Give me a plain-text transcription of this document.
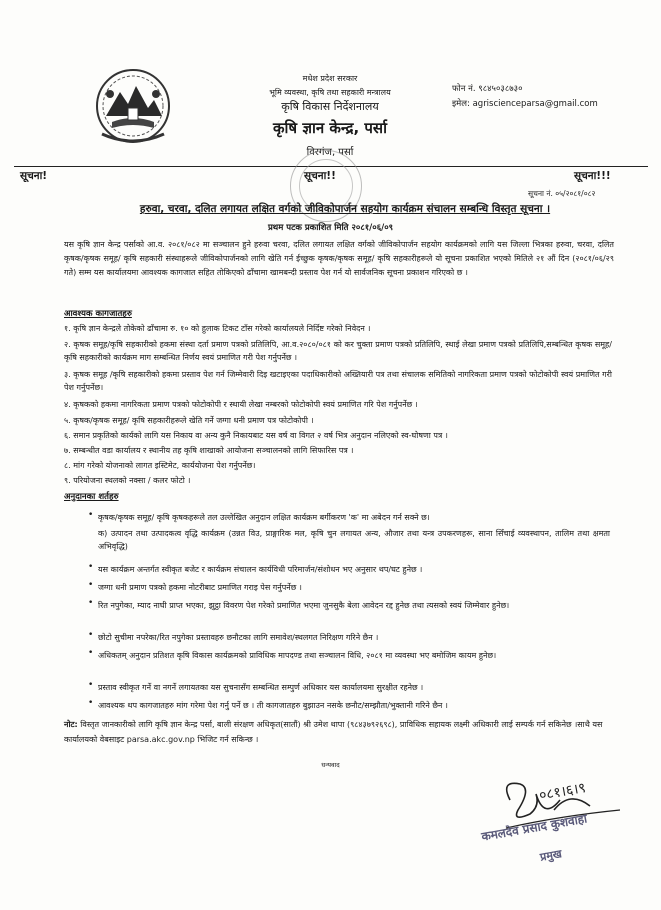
मधेश प्रदेश सरकार
भूमि व्यवस्था, कृषि तथा सहकारी मन्त्रालय
कृषि विकास निर्देशनालय
कृषि ज्ञान केन्द्र, पर्सा
विरगंज, पर्सा
फोन नं. ९८४५०३८७३०
इमेल: agriscienceparsa@gmail.com
सूचना!	सूचना!!	सूचना!!!
सूचना नं. ०५/२०८१/०८२
हरुवा, चरवा, दलित लगायत लक्षित वर्गको जीविकोपार्जन सहयोग कार्यक्रम संचालन सम्बन्धि विस्तृत सूचना ।
प्रथम पटक प्रकाशित मिति २०८१/०६/०९
यस कृषि ज्ञान केन्द्र पर्साको आ.व. २०८१/०८२ मा सञ्चालन हुने हरुवा चरवा, दलित लगायत लक्षित वर्गको जीविकोपार्जन सहयोग कार्यक्रमको लागि यस जिल्ला भित्रका हरुवा, चरवा, दलित कृषक/कृषक समूह/ कृषि सहकारी संस्थाहरूले जीविकोपार्जनको लागि खेति गर्न ईच्छुक कृषक/कृषक समूह/ कृषि सहकारीहरूले यो सूचना प्रकाशित भएको मितिले २१ औं दिन (२०८१/०६/२९ गते) सम्म यस कार्यालयमा आवश्यक कागजात सहित तोकिएको ढाँचामा खामबन्दी प्रस्ताव पेश गर्न यो सार्वजनिक सूचना प्रकाशन गरिएको छ ।
आवश्यक कागजातहरु
१. कृषि ज्ञान केन्द्रले तोकेको ढाँचामा रु. १० को हुलाक टिकट टाँस गरेको कार्यालयले निर्दिष्ट गरेको निवेदन ।
२. कृषक समूह/कृषि सहकारीको हकमा संस्था दर्ता प्रमाण पत्रको प्रतिलिपि, आ.व.२०८०/०८१ को कर चुक्ता प्रमाण पत्रको प्रतिलिपि, स्थाई लेखा प्रमाण पत्रको प्रतिलिपि,सम्बन्धित कृषक समूह/कृषि सहकारीको कार्यक्रम माग सम्बन्धित निर्णय स्वयं प्रमाणित गरी पेश गर्नुपर्नेछ ।
३. कृषक समूह /कृषि सहकारीको हकमा प्रस्ताव पेश गर्न जिम्मेवारी दिइ खटाइएका पदाधिकारीको अख्तियारी पत्र तथा संचालक समितिको नागरिकता प्रमाण पत्रको फोटोकोपी स्वयं प्रमाणित गरी पेश गर्नुपर्नेछ।
४. कृषकको हकमा नागरिकता प्रमाण पत्रको फोटोकोपी र स्थायी लेखा नम्बरको फोटोकोपी स्वयं प्रमाणित गरि पेश गर्नुपर्नेछ ।
५. कृषक/कृषक समूह/ कृषि सहकारीहरूले खेति गर्ने जग्गा धनी प्रमाण पत्र फोटोकोपी ।
६. समान प्रकृतिको कार्यको लागि यस निकाय वा अन्य कुनै निकायबाट यस वर्ष वा विगत २ वर्ष भित्र अनुदान नलिएको स्व-घोषणा पत्र ।
७. सम्बन्धीत वडा कार्यालय र स्थानीय तह कृषि शाखाको आयोजना सञ्चालनको लागि सिफारिस पत्र ।
८. मांग गरेको योजनाको लागत इस्टिमेट, कार्ययोजना पेश गर्नुपर्नेछ।
९. परियोजना स्थलको नक्सा / कलर फोटो ।
अनुदानका शर्तहरु
• कृषक/कृषक समूह/ कृषि कृषकहरूले तल उल्लेखित अनुदान लक्षित कार्यक्रम बर्गीकरण 'क' मा अबेदन गर्न सक्ने छ।
क) उत्पादन तथा उत्पादकत्व वृद्धि कार्यक्रम (उन्नत विउ, प्राङ्गारिक मल, कृषि चुन लगायत अन्य, औजार तथा यन्त्र उपकरणहरू, साना सिँचाई व्यवस्थापन, तालिम तथा क्षमता अभिवृद्धि)
• यस कार्यक्रम अन्तर्गत स्वीकृत बजेट र कार्यक्रम संचालन कार्यविधी परिमार्जन/संशोधन भए अनुसार थप/घट हुनेछ ।
• जग्गा धनी प्रमाण पत्रको हकमा नोटरीबाट प्रमाणित गराइ पेस गर्नुपर्नेछ ।
• रित नपुगेका, म्याद नाघी प्राप्त भएका, झुट्ठा विवरण पेश गरेको प्रमाणित भएमा जुनसुकै बेला आवेदन रद्द हुनेछ तथा त्यसको स्वयं जिम्मेवार हुनेछ।
• छोटो सुचीमा नपरेका/रित नपुगेका प्रस्तावहरु छनौटका लागि समावेश/स्थलगत निरिक्षण गरिने छैन ।
• अधिकतम् अनुदान प्रतिशत कृषि विकास कार्यक्रमको प्राविधिक मापदण्ड तथा सञ्चालन विधि, २०८१ मा व्यवस्था भए बमोजिम कायम हुनेछ।
• प्रस्ताव स्वीकृत गर्ने वा नगर्ने लगायतका यस सुचनासँग सम्बन्धित सम्पुर्ण अधिकार यस कार्यालयमा सुरक्षीत रहनेछ ।
• आवश्यक थप कागजातहरु मांग गरेमा पेश गर्नु पर्ने छ । ती कागजातहरु बुझाउन नसके छनौट/सम्झौता/भुक्तानी गरिने छैन ।
नोट: विस्तृत जानकारीको लागि कृषि ज्ञान केन्द्र पर्सा, बाली संरक्षण अधिकृत(सातौं) श्री उमेश थापा (९८४३७९२६९८), प्राविधिक सहायक लक्ष्मी अधिकारी लाई सम्पर्क गर्न सकिनेछ ।साथै यस कार्यालयको वेबसाइट parsa.akc.gov.np भिजिट गर्न सकिन्छ ।
धन्यवाद
०८१।६।९
कमलदेव प्रसाद कुशवाहा
प्रमुख
